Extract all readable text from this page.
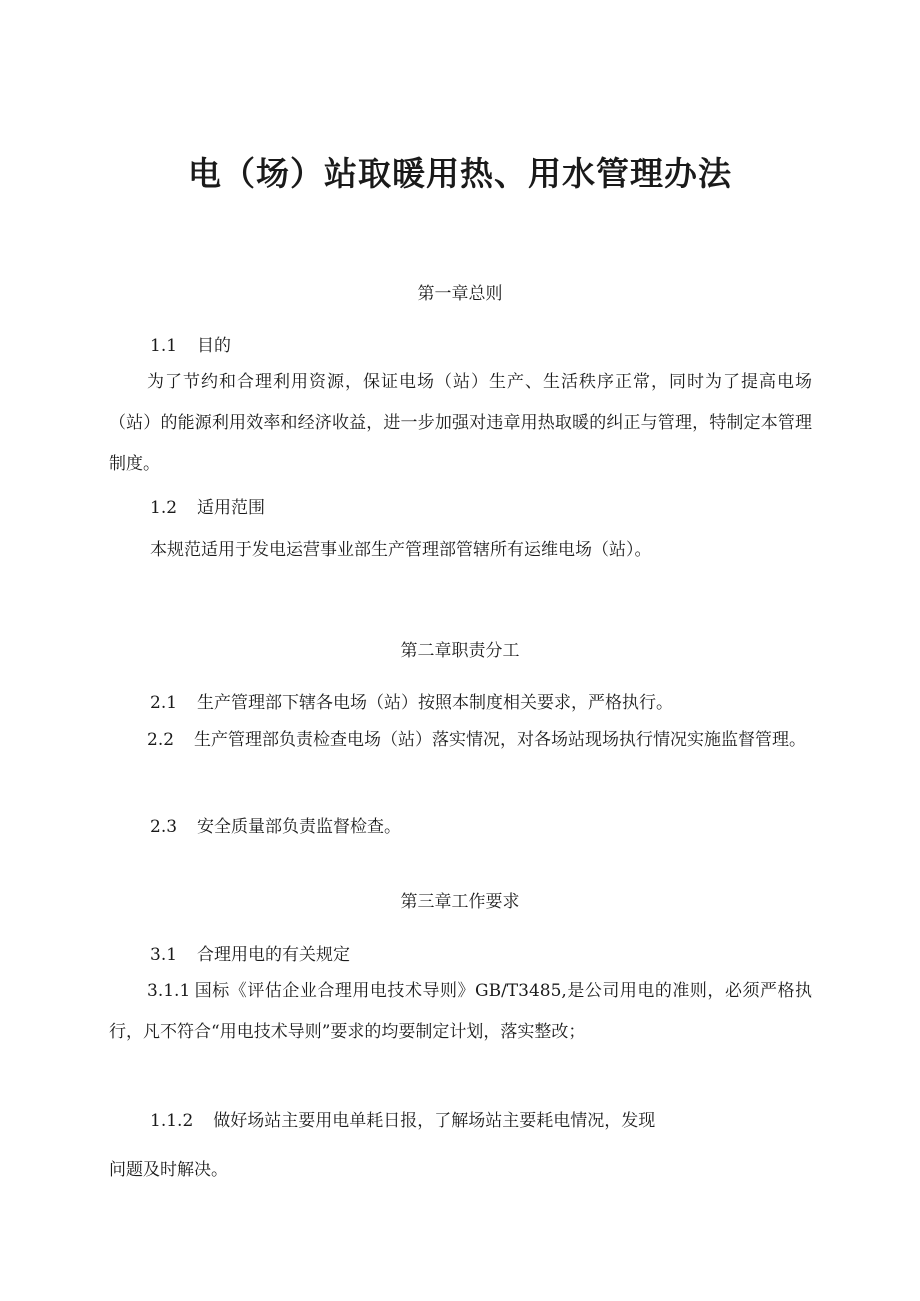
电（场）站取暖用热、用水管理办法

第一章总则

1.1 目的

为了节约和合理利用资源，保证电场（站）生产、生活秩序正常，同时为了提高电场（站）的能源利用效率和经济收益，进一步加强对违章用热取暖的纠正与管理，特制定本管理制度。

1.2 适用范围

本规范适用于发电运营事业部生产管理部管辖所有运维电场（站）。

第二章职责分工

2.1 生产管理部下辖各电场（站）按照本制度相关要求，严格执行。

2.2 生产管理部负责检查电场（站）落实情况，对各场站现场执行情况实施监督管理。

2.3 安全质量部负责监督检查。

第三章工作要求

3.1 合理用电的有关规定

3.1.1 国标《评估企业合理用电技术导则》GB/T3485,是公司用电的准则，必须严格执行，凡不符合“用电技术导则”要求的均要制定计划，落实整改；

1.1.2 做好场站主要用电单耗日报，了解场站主要耗电情况，发现

问题及时解决。
